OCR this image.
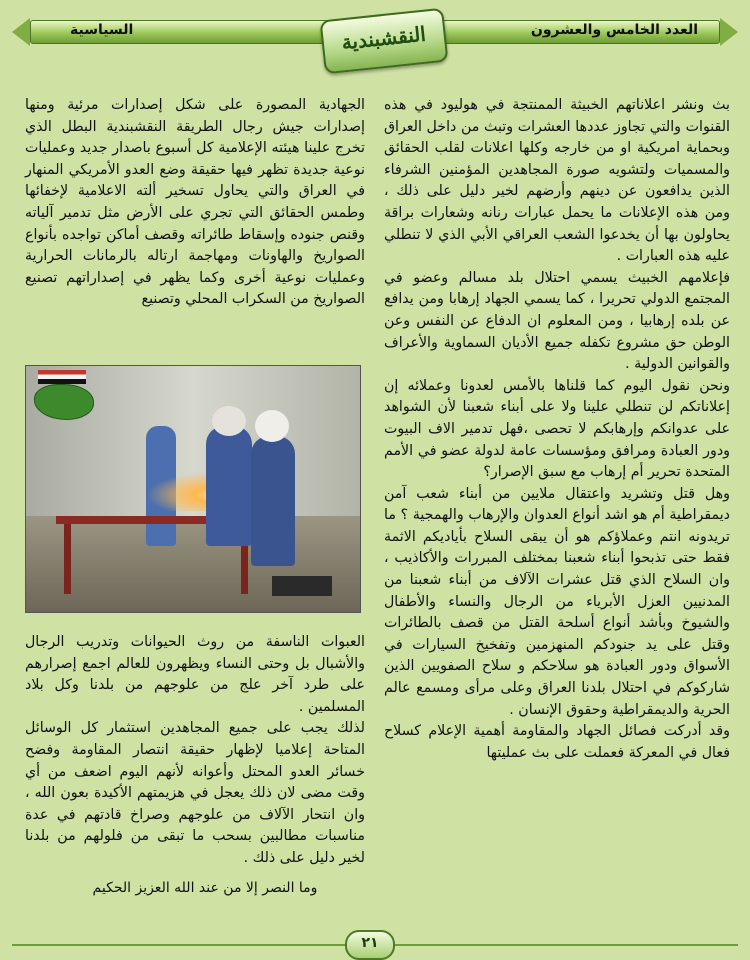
العدد الخامس والعشرون
السياسية	النقشبندية

بث ونشر اعلاناتهم الخبيثة الممنتجة في هوليود في هذه القنوات والتي تجاوز عددها العشرات وتبث من داخل العراق وبحماية امريكية او من خارجه وكلها اعلانات لقلب الحقائق والمسميات ولتشويه صورة المجاهدين المؤمنين الشرفاء الذين يدافعون عن دينهم وأرضهم لخير دليل على ذلك ، ومن هذه الإعلانات ما يحمل عبارات رنانه وشعارات براقة يحاولون بها أن يخدعوا الشعب العراقي الأبي الذي لا تنطلي عليه هذه العبارات .

فإعلامهم الخبيث يسمي احتلال بلد مسالم وعضو في المجتمع الدولي تحريرا ، كما يسمي الجهاد إرهابا ومن يدافع عن بلده إرهابيا ، ومن المعلوم ان الدفاع عن النفس وعن الوطن حق مشروع تكفله جميع الأديان السماوية والأعراف والقوانين الدولية .

ونحن نقول اليوم كما قلناها بالأمس لعدونا وعملائه إن إعلاناتكم لن تنطلي علينا ولا على أبناء شعبنا لأن الشواهد على عدوانكم وإرهابكم لا تحصى ،فهل تدمير الاف البيوت ودور العبادة ومرافق ومؤسسات عامة لدولة عضو في الأمم المتحدة تحرير أم إرهاب مع سبق الإصرار؟

وهل قتل وتشريد واعتقال ملايين من أبناء شعب آمن ديمقراطية أم هو اشد أنواع العدوان والإرهاب والهمجية ؟ ما تريدونه انتم وعملاؤكم هو أن يبقى السلاح بأياديكم الاثمة فقط حتى تذبحوا أبناء شعبنا بمختلف المبررات والأكاذيب ، وان السلاح الذي قتل عشرات الآلاف من أبناء شعبنا من المدنيين العزل الأبرياء من الرجال والنساء والأطفال والشيوخ وبأشد أنواع أسلحة القتل من قصف بالطائرات وقتل على يد جنودكم المنهزمين وتفخيخ السيارات في الأسواق ودور العبادة هو سلاحكم و سلاح الصفويين الذين شاركوكم في احتلال بلدنا العراق وعلى مرأى ومسمع عالم الحرية والديمقراطية وحقوق الإنسان .

وقد أدركت فصائل الجهاد والمقاومة أهمية الإعلام كسلاح فعال في المعركة فعملت على بث عمليتها

الجهادية المصورة على شكل إصدارات مرئية ومنها إصدارات جيش رجال الطريقة النقشبندية البطل الذي تخرج علينا هيئته الإعلامية كل أسبوع باصدار جديد وعمليات نوعية جديدة تظهر فيها حقيقة وضع العدو الأمريكي المنهار في العراق والتي يحاول تسخير ألته الاعلامية لإخفائها وطمس الحقائق التي تجري على الأرض مثل تدمير آلياته وقنص جنوده وإسقاط طائراته وقصف أماكن تواجده بأنواع الصواريخ والهاونات ومهاجمة ارتاله بالرمانات الحرارية وعمليات نوعية أخرى وكما يظهر في إصداراتهم تصنيع الصواريخ من السكراب المحلي وتصنيع

العبوات الناسفة من روث الحيوانات وتدريب الرجال والأشبال بل وحتى النساء ويظهرون للعالم اجمع إصرارهم على طرد آخر علج من علوجهم من بلدنا وكل بلاد المسلمين .

لذلك يجب على جميع المجاهدين استثمار كل الوسائل المتاحة إعلاميا لإظهار حقيقة انتصار المقاومة وفضح خسائر العدو المحتل وأعوانه لأنهم اليوم اضعف من أي وقت مضى لان ذلك يعجل في هزيمتهم الأكيدة بعون الله ، وان انتحار الآلاف من علوجهم وصراخ قادتهم في عدة مناسبات مطالبين بسحب ما تبقى من فلولهم من بلدنا لخير دليل على ذلك .

وما النصر إلا من عند الله العزيز الحكيم
٢١
